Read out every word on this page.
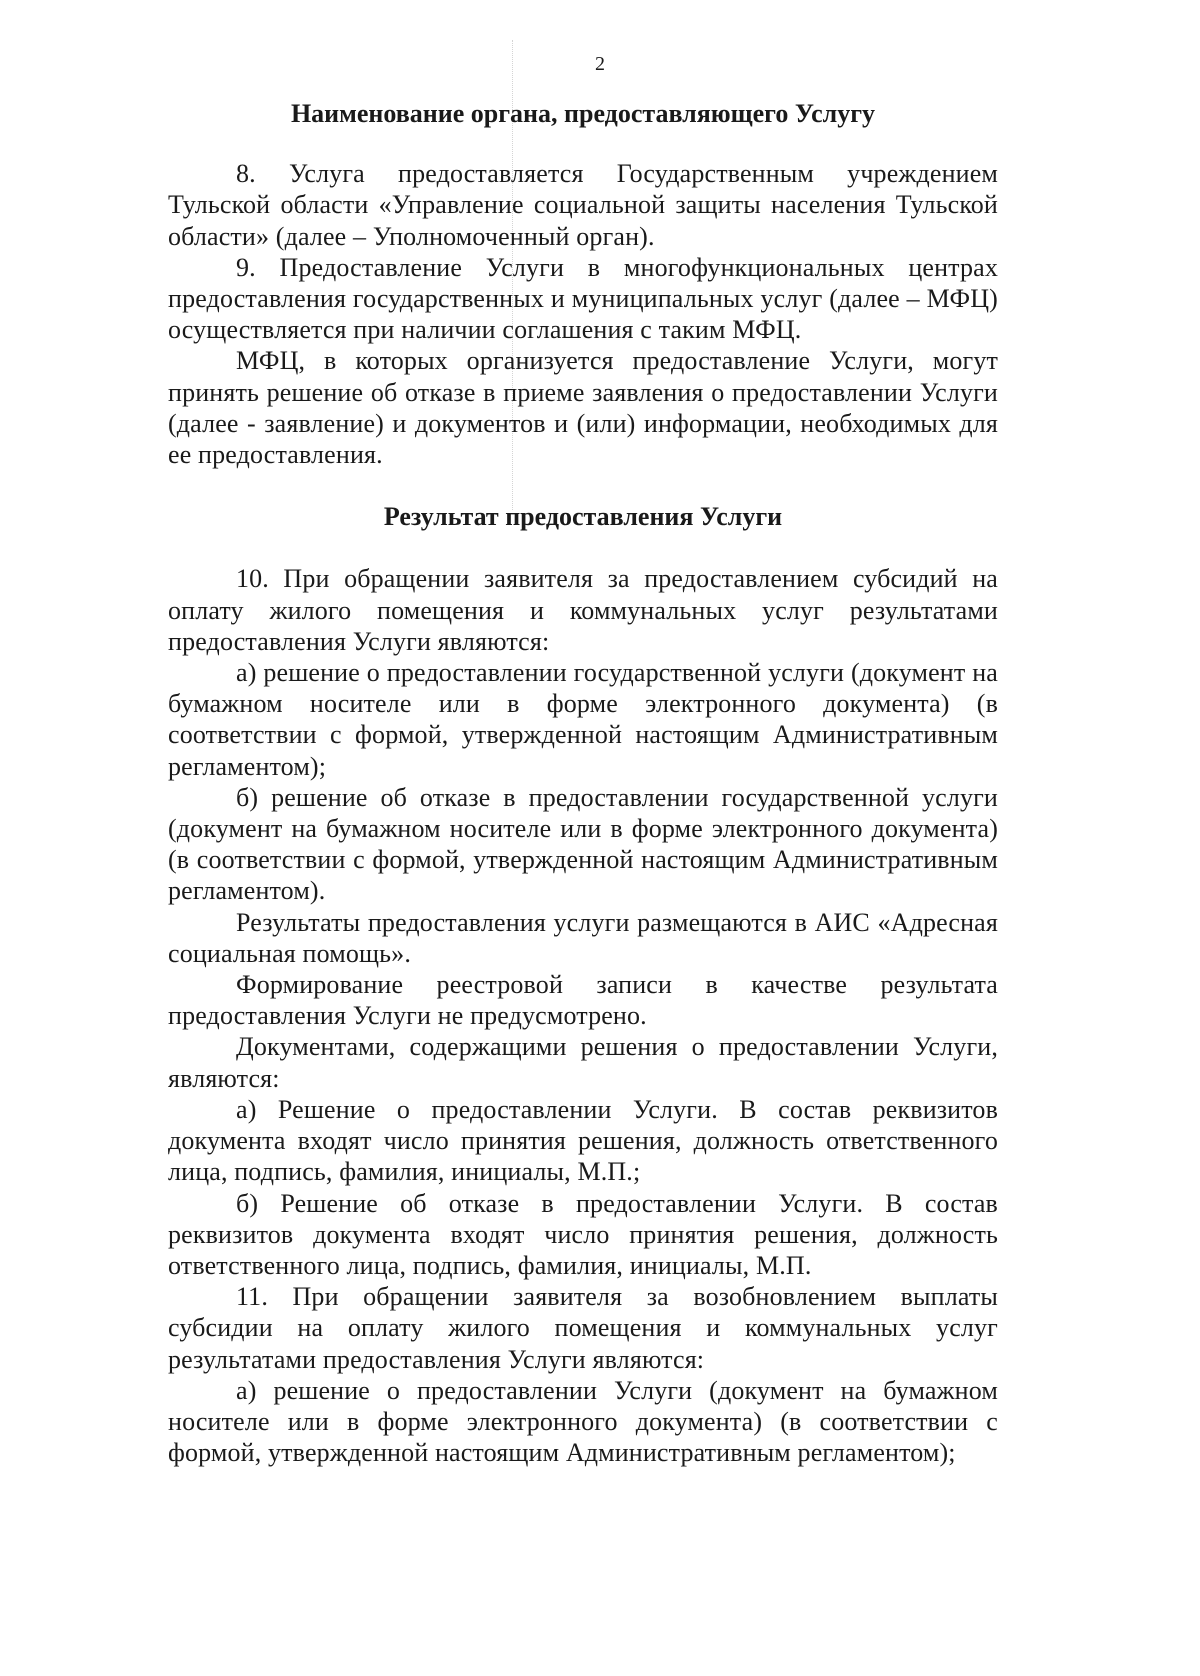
2
Наименование органа, предоставляющего Услугу

8. Услуга предоставляется Государственным учреждением Тульской области «Управление социальной защиты населения Тульской области» (далее – Уполномоченный орган).

9. Предоставление Услуги в многофункциональных центрах предоставления государственных и муниципальных услуг (далее – МФЦ) осуществляется при наличии соглашения с таким МФЦ.

МФЦ, в которых организуется предоставление Услуги, могут принять решение об отказе в приеме заявления о предоставлении Услуги (далее - заявление) и документов и (или) информации, необходимых для ее предоставления.

Результат предоставления Услуги

10. При обращении заявителя за предоставлением субсидий на оплату жилого помещения и коммунальных услуг результатами предоставления Услуги являются:

а) решение о предоставлении государственной услуги (документ на бумажном носителе или в форме электронного документа) (в соответствии с формой, утвержденной настоящим Административным регламентом);

б) решение об отказе в предоставлении государственной услуги (документ на бумажном носителе или в форме электронного документа) (в соответствии с формой, утвержденной настоящим Административным регламентом).

Результаты предоставления услуги размещаются в АИС «Адресная социальная помощь».

Формирование реестровой записи в качестве результата предоставления Услуги не предусмотрено.

Документами, содержащими решения о предоставлении Услуги, являются:

а) Решение о предоставлении Услуги. В состав реквизитов документа входят число принятия решения, должность ответственного лица, подпись, фамилия, инициалы, М.П.;

б) Решение об отказе в предоставлении Услуги. В состав реквизитов документа входят число принятия решения, должность ответственного лица, подпись, фамилия, инициалы, М.П.

11. При обращении заявителя за возобновлением выплаты субсидии на оплату жилого помещения и коммунальных услуг результатами предоставления Услуги являются:

а) решение о предоставлении Услуги (документ на бумажном носителе или в форме электронного документа) (в соответствии с формой, утвержденной настоящим Административным регламентом);
